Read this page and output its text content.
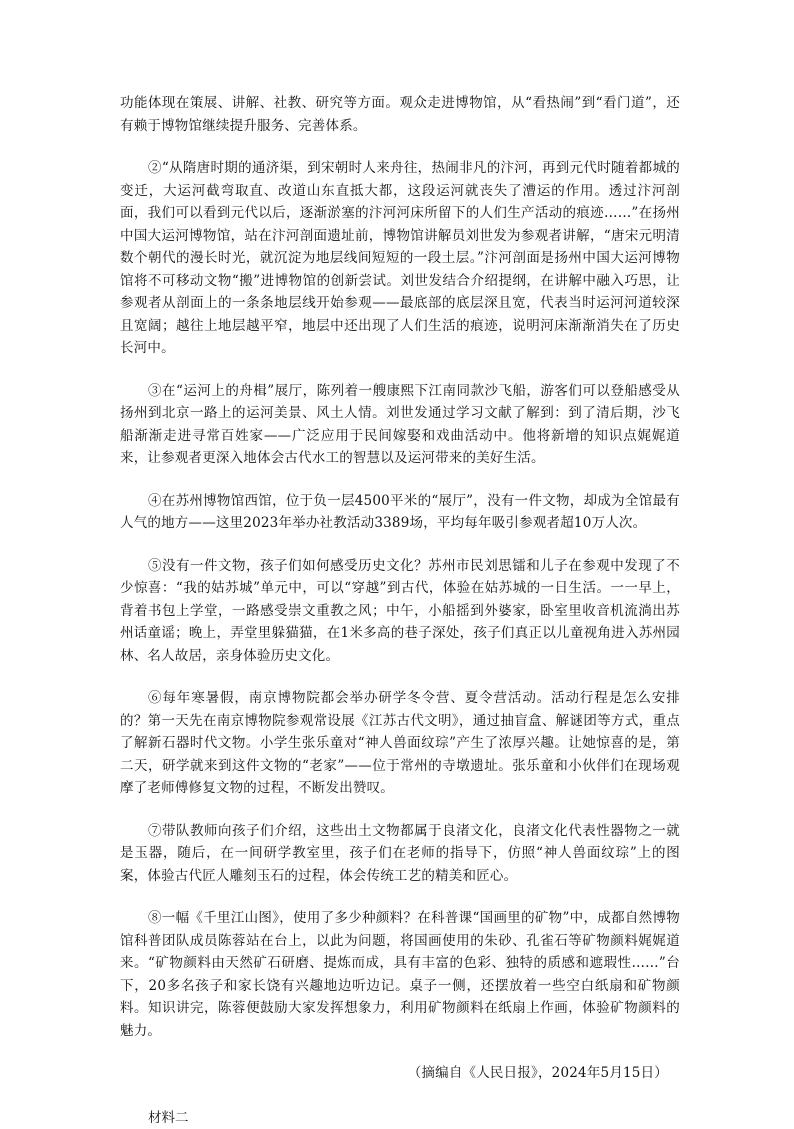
功能体现在策展、讲解、社教、研究等方面。观众走进博物馆，从“看热闹”到“看门道”，还有赖于博物馆继续提升服务、完善体系。

②“从隋唐时期的通济渠，到宋朝时人来舟往，热闹非凡的汴河，再到元代时随着都城的变迁，大运河截弯取直、改道山东直抵大都，这段运河就丧失了漕运的作用。透过汴河剖面，我们可以看到元代以后，逐渐淤塞的汴河河床所留下的人们生产活动的痕迹……”在扬州中国大运河博物馆，站在汴河剖面遗址前，博物馆讲解员刘世发为参观者讲解，“唐宋元明清数个朝代的漫长时光，就沉淀为地层线间短短的一段土层。”汴河剖面是扬州中国大运河博物馆将不可移动文物“搬”进博物馆的创新尝试。刘世发结合介绍提纲，在讲解中融入巧思，让参观者从剖面上的一条条地层线开始参观——最底部的底层深且宽，代表当时运河河道较深且宽阔；越往上地层越平窄，地层中还出现了人们生活的痕迹，说明河床渐渐消失在了历史长河中。

③在“运河上的舟楫”展厅，陈列着一艘康熙下江南同款沙飞船，游客们可以登船感受从扬州到北京一路上的运河美景、风土人情。刘世发通过学习文献了解到：到了清后期，沙飞船渐渐走进寻常百姓家——广泛应用于民间嫁娶和戏曲活动中。他将新增的知识点娓娓道来，让参观者更深入地体会古代水工的智慧以及运河带来的美好生活。

④在苏州博物馆西馆，位于负一层4500平米的“展厅”，没有一件文物，却成为全馆最有人气的地方——这里2023年举办社教活动3389场，平均每年吸引参观者超10万人次。

⑤没有一件文物，孩子们如何感受历史文化？苏州市民刘思镭和儿子在参观中发现了不少惊喜：“我的姑苏城”单元中，可以“穿越”到古代，体验在姑苏城的一日生活。一一早上，背着书包上学堂，一路感受崇文重教之风；中午，小船摇到外婆家，卧室里收音机流淌出苏州话童谣；晚上，弄堂里躲猫猫，在1米多高的巷子深处，孩子们真正以儿童视角进入苏州园林、名人故居，亲身体验历史文化。

⑥每年寒暑假，南京博物院都会举办研学冬令营、夏令营活动。活动行程是怎么安排的？第一天先在南京博物院参观常设展《江苏古代文明》，通过抽盲盒、解谜团等方式，重点了解新石器时代文物。小学生张乐童对“神人兽面纹琮”产生了浓厚兴趣。让她惊喜的是，第二天，研学就来到这件文物的“老家”——位于常州的寺墩遗址。张乐童和小伙伴们在现场观摩了老师傅修复文物的过程，不断发出赞叹。

⑦带队教师向孩子们介绍，这些出土文物都属于良渚文化，良渚文化代表性器物之一就是玉器，随后，在一间研学教室里，孩子们在老师的指导下，仿照“神人兽面纹琮”上的图案，体验古代匠人雕刻玉石的过程，体会传统工艺的精美和匠心。

⑧一幅《千里江山图》，使用了多少种颜料？在科普课“国画里的矿物”中，成都自然博物馆科普团队成员陈蓉站在台上，以此为问题，将国画使用的朱砂、孔雀石等矿物颜料娓娓道来。“矿物颜料由天然矿石研磨、提炼而成，具有丰富的色彩、独特的质感和遮瑕性……”台下，20多名孩子和家长饶有兴趣地边听边记。桌子一侧，还摆放着一些空白纸扇和矿物颜料。知识讲完，陈蓉便鼓励大家发挥想象力，利用矿物颜料在纸扇上作画，体验矿物颜料的魅力。

（摘编自《人民日报》，2024年5月15日）

材料二
